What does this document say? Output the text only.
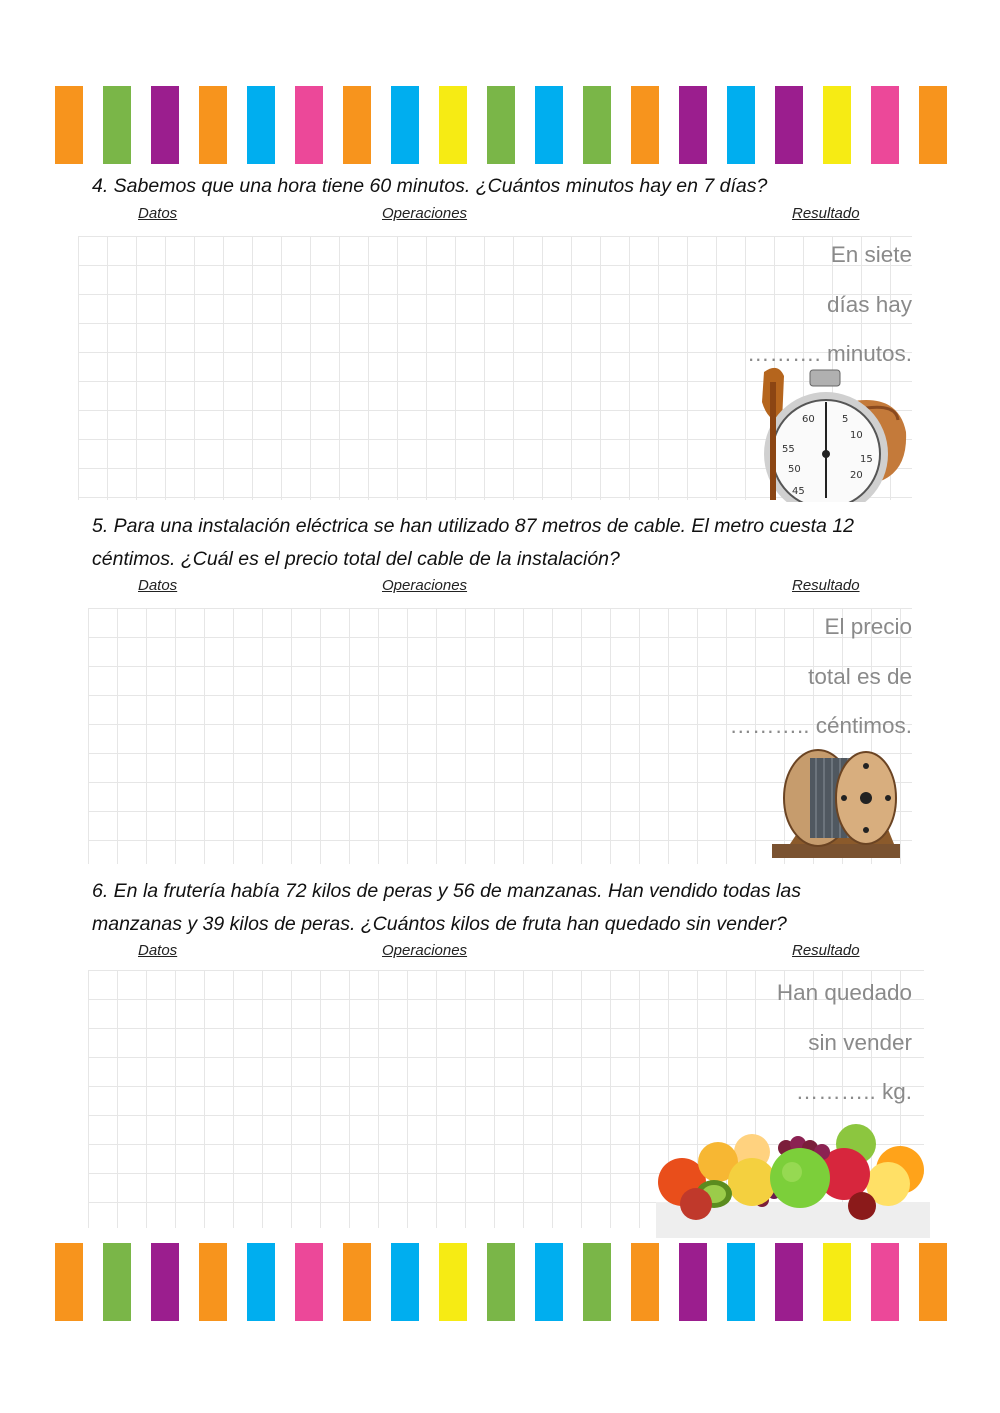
4. Sabemos que una hora tiene 60 minutos. ¿Cuántos minutos hay en 7 días?
Datos	Operaciones	Resultado
En siete
días hay
………. minutos.
60	5
10
55
15
50
20
45
5. Para una instalación eléctrica se han utilizado 87 metros de cable. El metro cuesta 12
céntimos. ¿Cuál es el precio total del cable de la instalación?
Datos	Operaciones	Resultado
El precio
total es de
……….. céntimos.
6. En la frutería había 72 kilos de peras y 56 de manzanas. Han vendido todas las
manzanas y 39 kilos de peras. ¿Cuántos kilos de fruta han quedado sin vender?
Datos	Operaciones	Resultado
Han quedado
sin vender
……….. kg.
